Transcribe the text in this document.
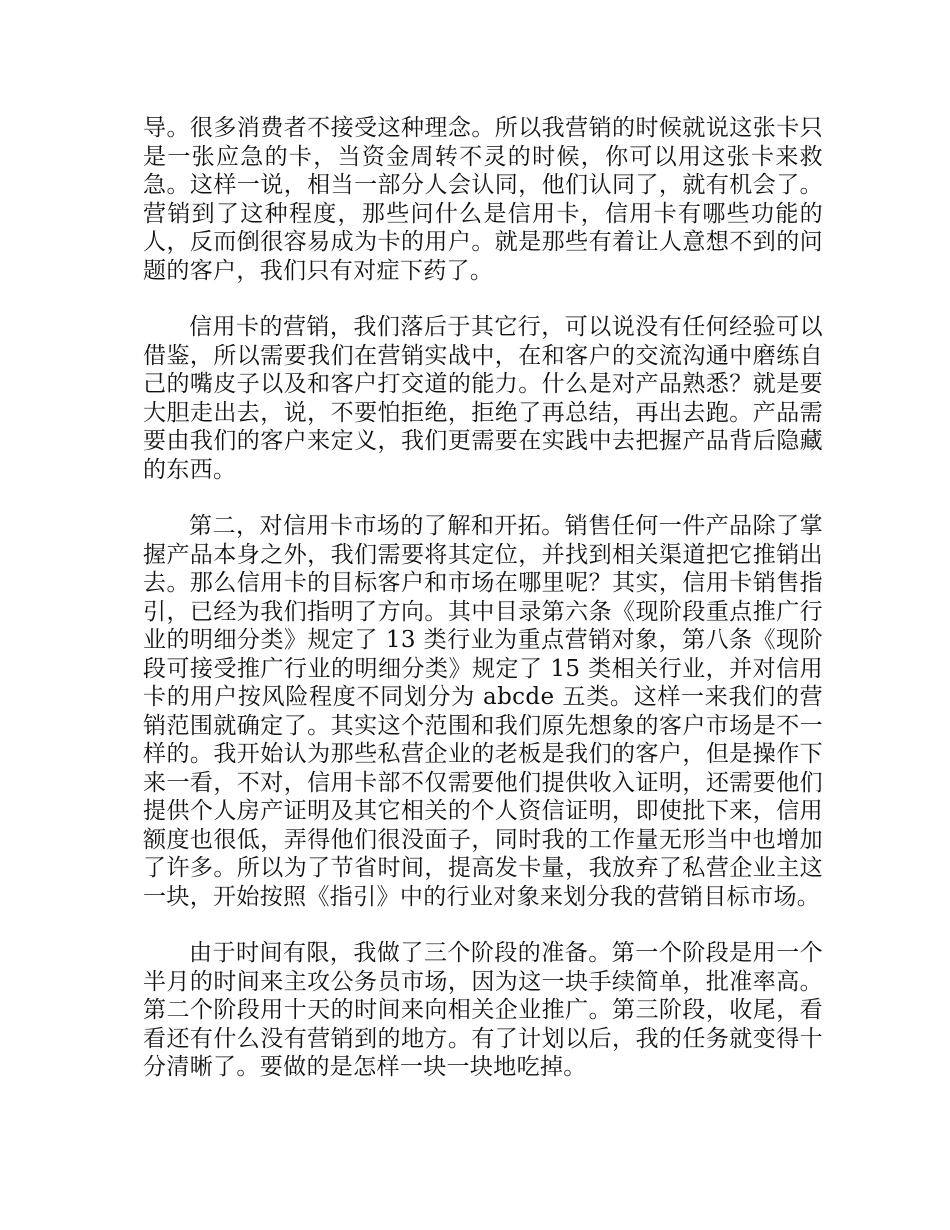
导。很多消费者不接受这种理念。所以我营销的时候就说这张卡只是一张应急的卡，当资金周转不灵的时候，你可以用这张卡来救急。这样一说，相当一部分人会认同，他们认同了，就有机会了。营销到了这种程度，那些问什么是信用卡，信用卡有哪些功能的人，反而倒很容易成为卡的用户。就是那些有着让人意想不到的问题的客户，我们只有对症下药了。

信用卡的营销，我们落后于其它行，可以说没有任何经验可以借鉴，所以需要我们在营销实战中，在和客户的交流沟通中磨练自己的嘴皮子以及和客户打交道的能力。什么是对产品熟悉？就是要大胆走出去，说，不要怕拒绝，拒绝了再总结，再出去跑。产品需要由我们的客户来定义，我们更需要在实践中去把握产品背后隐藏的东西。

第二，对信用卡市场的了解和开拓。销售任何一件产品除了掌握产品本身之外，我们需要将其定位，并找到相关渠道把它推销出去。那么信用卡的目标客户和市场在哪里呢？其实，信用卡销售指引，已经为我们指明了方向。其中目录第六条《现阶段重点推广行业的明细分类》规定了 13 类行业为重点营销对象，第八条《现阶段可接受推广行业的明细分类》规定了 15 类相关行业，并对信用卡的用户按风险程度不同划分为 abcde 五类。这样一来我们的营销范围就确定了。其实这个范围和我们原先想象的客户市场是不一样的。我开始认为那些私营企业的老板是我们的客户，但是操作下来一看，不对，信用卡部不仅需要他们提供收入证明，还需要他们提供个人房产证明及其它相关的个人资信证明，即使批下来，信用额度也很低，弄得他们很没面子，同时我的工作量无形当中也增加了许多。所以为了节省时间，提高发卡量，我放弃了私营企业主这一块，开始按照《指引》中的行业对象来划分我的营销目标市场。

由于时间有限，我做了三个阶段的准备。第一个阶段是用一个半月的时间来主攻公务员市场，因为这一块手续简单，批准率高。第二个阶段用十天的时间来向相关企业推广。第三阶段，收尾，看看还有什么没有营销到的地方。有了计划以后，我的任务就变得十分清晰了。要做的是怎样一块一块地吃掉。
